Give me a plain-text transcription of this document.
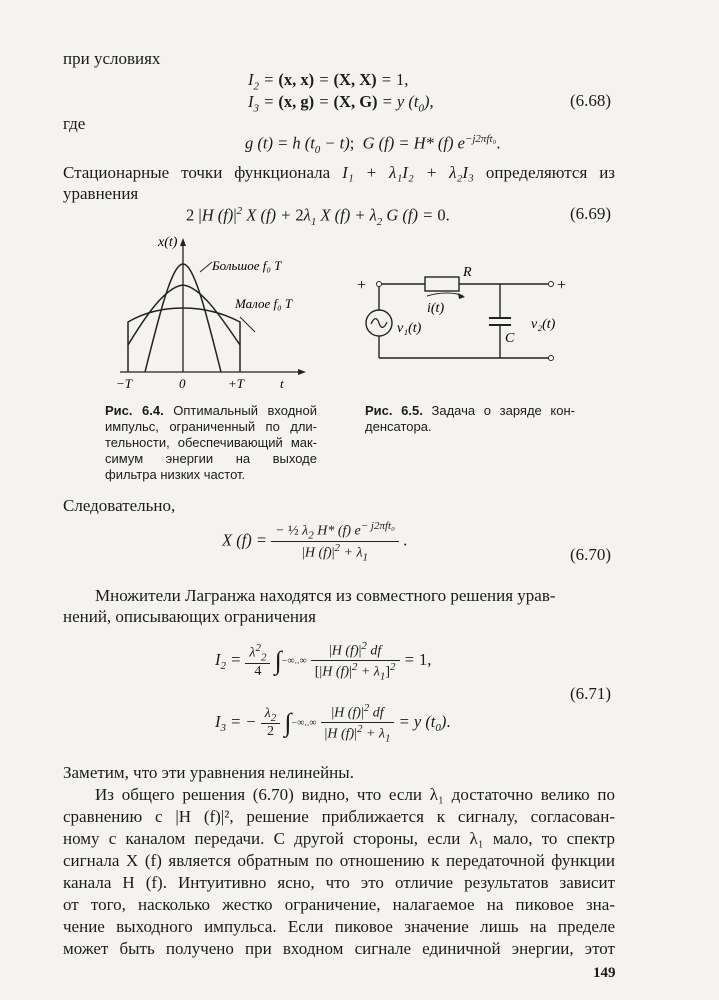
при условиях
$I_2 = (x$, x) = (X, X) = 1,
$I_3 = (x$, g) = (X, G) = y $(t_0)$,	(6.68)
где
g (t) = h $(t_0 - t)$;  G (f) = H* (f) $e^{-j2\pi ft_0}$.
Стационарные точки функционала I₁ + λ₁I₂ + λ₂I₃ определяются из
уравнения
2 |H $(f)|^2$ X $(f) + 2\lambda_1$ X $(f) + \lambda_2$ G (f) = 0.	(6.69)
x(t)
Большое f₀ T
Малое f₀ T
−T	0	+T	t
+	+
R
v₁(t)
i(t)
C
v₂(t)
Рис. 6.4. Оптимальный входной
импульс, ограниченный по дли-
тельности, обеспечивающий мак-
симум энергии на выходе
фильтра низких частот.
Рис. 6.5. Задача о заряде кон-
денсатора.
Следовательно,
X $(f) = \frac{- \frac{1}{2} \lambda_2 H* (f) e^{- j2\pi ft_0}}{|H (f)|^2 + \lambda_1}$ .
(6.70)
Множители Лагранжа находятся из совместного решения урав-
нений, описывающих ограничения
$I_2 = \frac{\lambda^2_2}{4}$ ∫−∞..∞ $\frac{|H (f)|^2 df}{[|H (f)|^2 + \lambda_1]^2} = 1$,
$I_3$ = − $\frac{\lambda_2}{2}$ ∫−∞..∞ $\frac{|H (f)|^2 df}{|H (f)|^2 + \lambda_1} = y$ $(t_0)$.
(6.71)
Заметим, что эти уравнения нелинейны.
Из общего решения (6.70) видно, что если λ₁ достаточно велико по
сравнению с |H (f)|², решение приближается к сигналу, согласован-
ному с каналом передачи. С другой стороны, если λ₁ мало, то спектр
сигнала X (f) является обратным по отношению к передаточной функции
канала H (f). Интуитивно ясно, что это отличие результатов зависит
от того, насколько жестко ограничение, налагаемое на пиковое зна-
чение выходного импульса. Если пиковое значение лишь на пределе
может быть получено при входном сигнале единичной энергии, этот
149
